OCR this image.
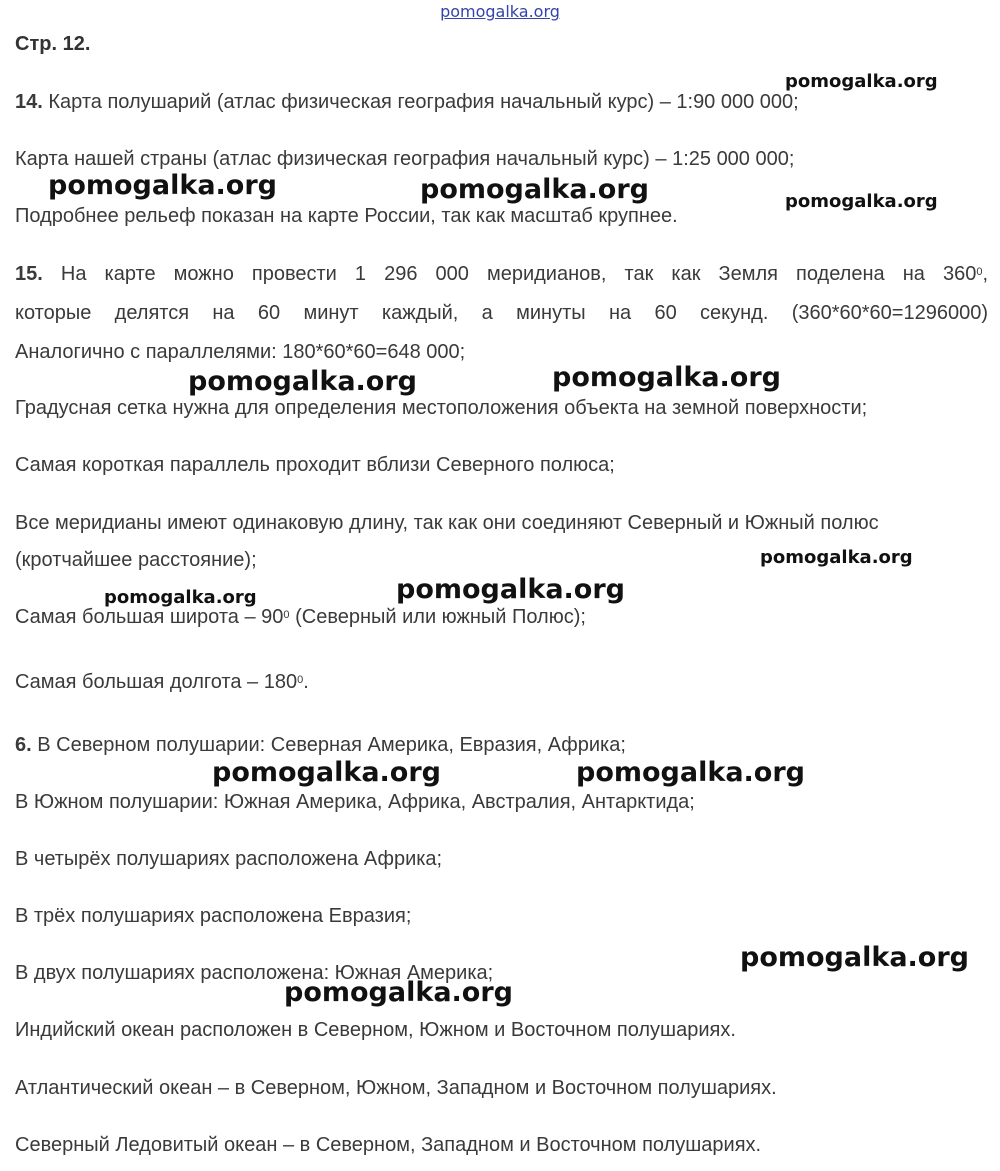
pomogalka.org
Стр. 12.
14. Карта полушарий (атлас физическая география начальный курс) – 1:90 000 000;
Карта нашей страны (атлас физическая география начальный курс) – 1:25 000 000;
Подробнее рельеф показан на карте России, так как масштаб крупнее.
15. На карте можно провести 1 296 000 меридианов, так как Земля поделена на $360^0$,
которые делятся на 60 минут каждый, а минуты на 60 секунд. (360*60*60=1296000)
Аналогично с параллелями: 180*60*60=648 000;
Градусная сетка нужна для определения местоположения объекта на земной поверхности;
Самая короткая параллель проходит вблизи Северного полюса;
Все меридианы имеют одинаковую длину, так как они соединяют Северный и Южный полюс
(кротчайшее расстояние);
Самая большая широта – $90^0$ (Северный или южный Полюс);
Самая большая долгота – $180^0$.
6. В Северном полушарии: Северная Америка, Евразия, Африка;
В Южном полушарии: Южная Америка, Африка, Австралия, Антарктида;
В четырёх полушариях расположена Африка;
В трёх полушариях расположена Евразия;
В двух полушариях расположена: Южная Америка;
Индийский океан расположен в Северном, Южном и Восточном полушариях.
Атлантический океан – в Северном, Южном, Западном и Восточном полушариях.
Северный Ледовитый океан – в Северном, Западном и Восточном полушариях.
pomogalka.org
pomogalka.org	pomogalka.org	pomogalka.org
pomogalka.org	pomogalka.org
pomogalka.org
pomogalka.org
pomogalka.org
pomogalka.org	pomogalka.org
pomogalka.org
pomogalka.org
